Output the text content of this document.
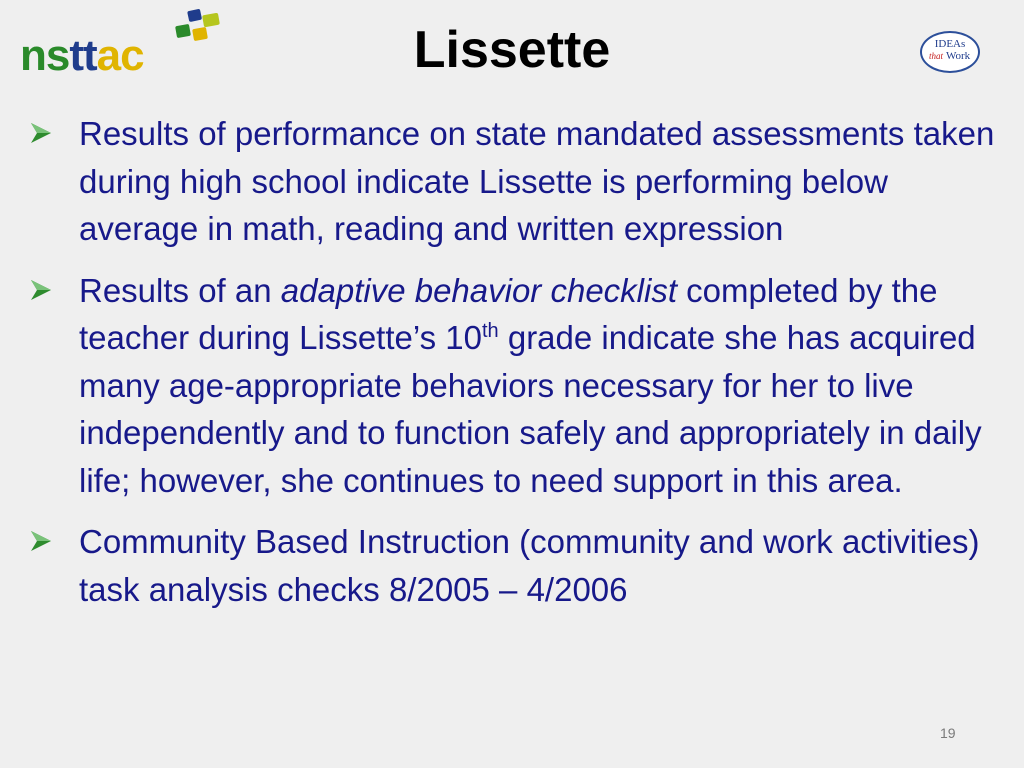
nsttac	Lissette	IDEAs
that Work
Results of performance on state mandated assessments taken during high school indicate Lissette is performing below average in math, reading and written expression
Results of an adaptive behavior checklist completed by the teacher during Lissette’s 10th grade indicate she has acquired many age-appropriate behaviors necessary for her to live independently and to function safely and appropriately in daily life; however, she continues to need support in this area.
Community Based Instruction (community and work activities) task analysis checks 8/2005 – 4/2006
19
